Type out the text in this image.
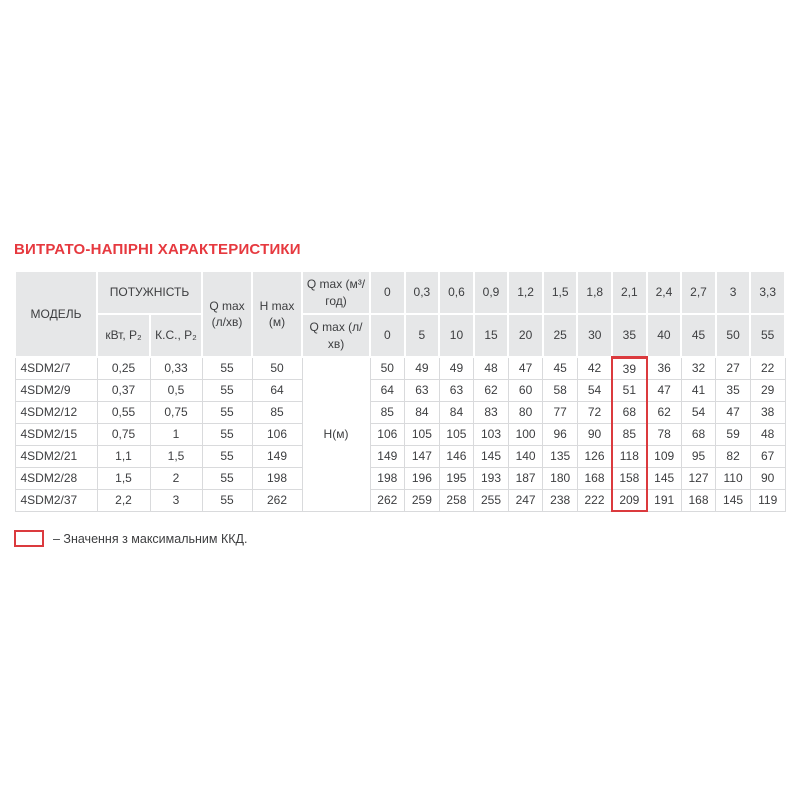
ВИТРАТО-НАПІРНІ ХАРАКТЕРИСТИКИ
МОДЕЛЬ	ПОТУЖНІСТЬ		Q max (л/хв)	H max (м)	Q max (м³/год)	0	0,3	0,6	0,9	1,2	1,5	1,8	2,1	2,4	2,7	3	3,3
	кВт, P₂	К.С., P₂			Q max (л/хв)	0	5	10	15	20	25	30	35	40	45	50	55
4SDM2/7	0,25	0,33	55	50	Н(м)	50	49	49	48	47	45	42	39	36	32	27	22
4SDM2/9	0,37	0,5	55	64		64	63	63	62	60	58	54	51	47	41	35	29
4SDM2/12	0,55	0,75	55	85		85	84	84	83	80	77	72	68	62	54	47	38
4SDM2/15	0,75	1	55	106		106	105	105	103	100	96	90	85	78	68	59	48
4SDM2/21	1,1	1,5	55	149		149	147	146	145	140	135	126	118	109	95	82	67
4SDM2/28	1,5	2	55	198		198	196	195	193	187	180	168	158	145	127	110	90
4SDM2/37	2,2	3	55	262		262	259	258	255	247	238	222	209	191	168	145	119
– Значення з максимальним ККД.
